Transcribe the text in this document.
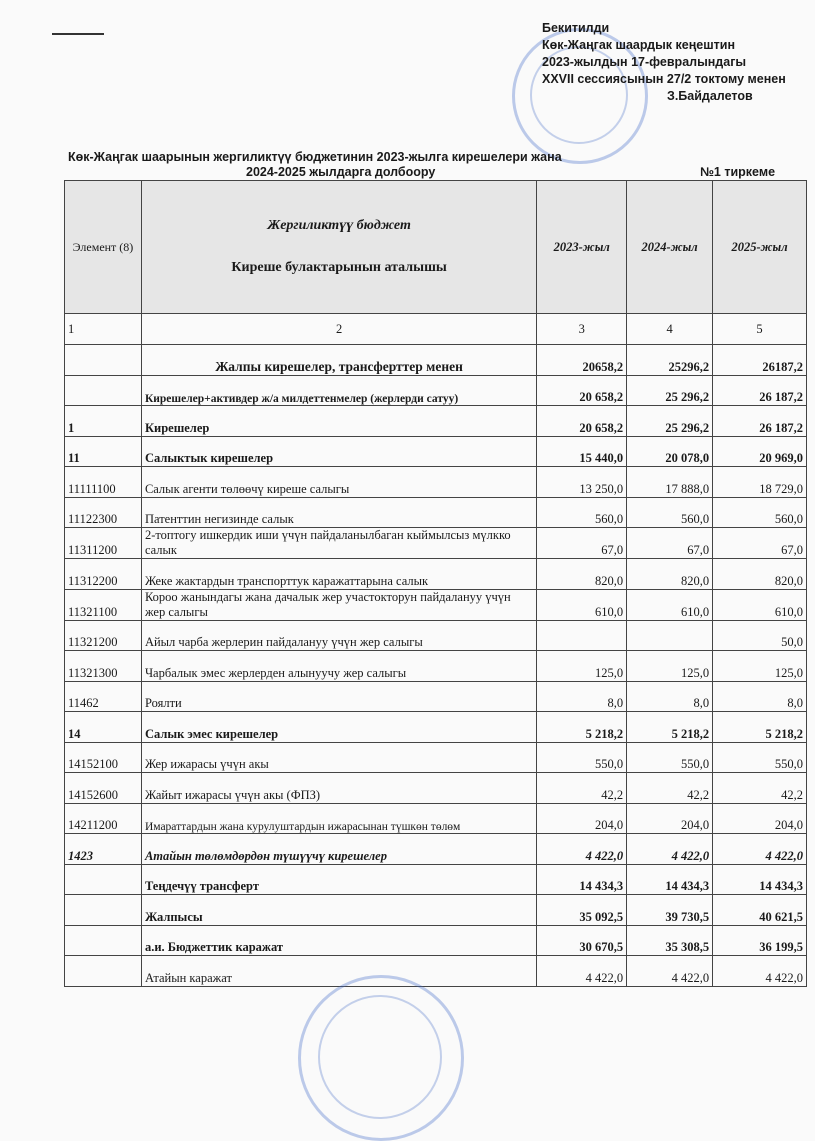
Бекитилди
Көк-Жаңгак шаардык кеңештин
2023-жылдын 17-февралындагы
XXVII сессиясынын 27/2 токтому менен
З.Байдалетов
Көк-Жаңгак шаарынын жергиликтүү бюджетинин 2023-жылга кирешелери жана
2024-2025 жылдарга долбоору	№1 тиркеме
Элемент (8)	Жергиликтүү бюджет
Киреше булактарынын аталышы	2023-жыл	2024-жыл	2025-жыл
1	2	3	4	5
	Жалпы кирешелер, трансферттер менен	20658,2	25296,2	26187,2
	Кирешелер+активдер ж/а милдеттенмелер (жерлерди сатуу)	20 658,2	25 296,2	26 187,2
1	Кирешелер	20 658,2	25 296,2	26 187,2
11	Салыктык кирешелер	15 440,0	20 078,0	20 969,0
11111100	Салык агенти төлөөчү киреше салыгы	13 250,0	17 888,0	18 729,0
11122300	Патенттин негизинде салык	560,0	560,0	560,0
11311200	2-топтогу ишкердик иши үчүн пайдаланылбаган кыймылсыз мүлкко салык	67,0	67,0	67,0
11312200	Жеке жактардын транспорттук каражаттарына салык	820,0	820,0	820,0
11321100	Короо жанындагы жана дачалык жер участокторун пайдалануу үчүн жер салыгы	610,0	610,0	610,0
11321200	Айыл чарба жерлерин пайдалануу үчүн жер салыгы			50,0
11321300	Чарбалык эмес жерлерден алынуучу жер салыгы	125,0	125,0	125,0
11462	Роялти	8,0	8,0	8,0
14	Салык эмес кирешелер	5 218,2	5 218,2	5 218,2
14152100	Жер ижарасы үчүн акы	550,0	550,0	550,0
14152600	Жайыт ижарасы үчүн акы (ФПЗ)	42,2	42,2	42,2
14211200	Имараттардын жана курулуштардын ижарасынан түшкөн төлөм	204,0	204,0	204,0
1423	Атайын төлөмдөрдөн түшүүчү кирешелер	4 422,0	4 422,0	4 422,0
	Теңдечүү трансферт	14 434,3	14 434,3	14 434,3
	Жалпысы	35 092,5	39 730,5	40 621,5
	а.и. Бюджеттик каражат	30 670,5	35 308,5	36 199,5
	Атайын каражат	4 422,0	4 422,0	4 422,0
